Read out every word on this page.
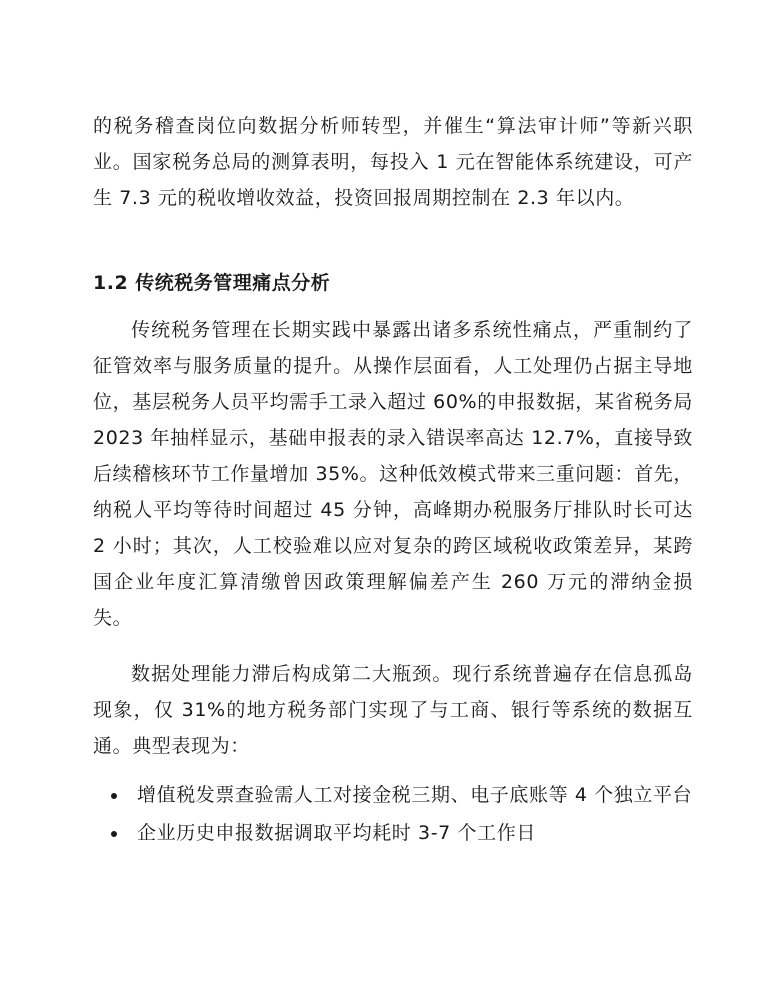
的税务稽查岗位向数据分析师转型，并催生“算法审计师”等新兴职业。国家税务总局的测算表明，每投入 1 元在智能体系统建设，可产生 7.3 元的税收增收效益，投资回报周期控制在 2.3 年以内。

1.2 传统税务管理痛点分析

传统税务管理在长期实践中暴露出诸多系统性痛点，严重制约了征管效率与服务质量的提升。从操作层面看，人工处理仍占据主导地位，基层税务人员平均需手工录入超过 60%的申报数据，某省税务局 2023 年抽样显示，基础申报表的录入错误率高达 12.7%，直接导致后续稽核环节工作量增加 35%。这种低效模式带来三重问题：首先，纳税人平均等待时间超过 45 分钟，高峰期办税服务厅排队时长可达 2 小时；其次，人工校验难以应对复杂的跨区域税收政策差异，某跨国企业年度汇算清缴曾因政策理解偏差产生 260 万元的滞纳金损失。

数据处理能力滞后构成第二大瓶颈。现行系统普遍存在信息孤岛现象，仅 31%的地方税务部门实现了与工商、银行等系统的数据互通。典型表现为：

增值税发票查验需人工对接金税三期、电子底账等 4 个独立平台
企业历史申报数据调取平均耗时 3-7 个工作日
